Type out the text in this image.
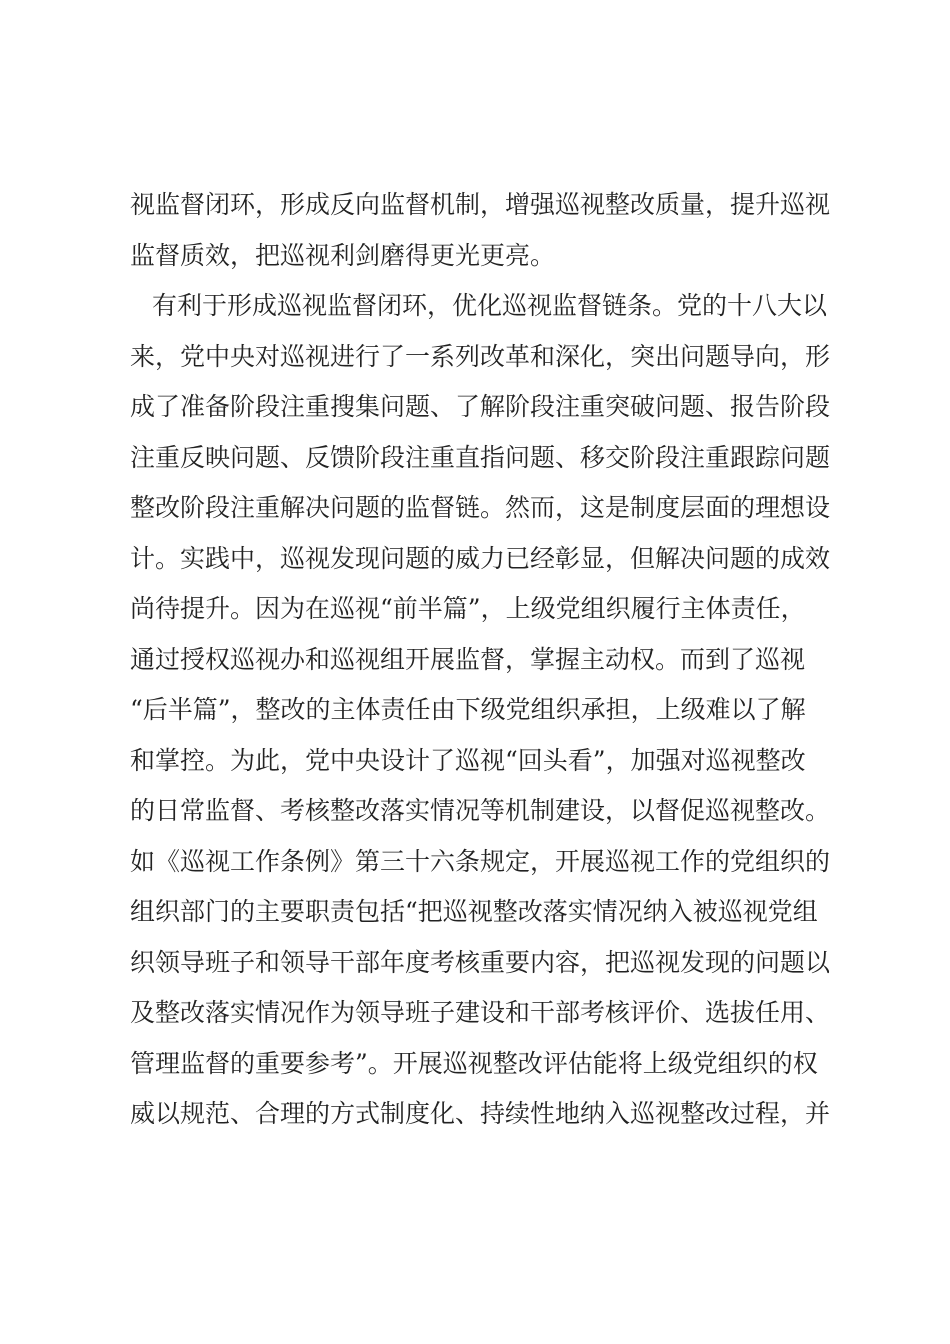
视监督闭环，形成反向监督机制，增强巡视整改质量，提升巡视
监督质效，把巡视利剑磨得更光更亮。
有利于形成巡视监督闭环，优化巡视监督链条。党的十八大以
来，党中央对巡视进行了一系列改革和深化，突出问题导向，形
成了准备阶段注重搜集问题、了解阶段注重突破问题、报告阶段
注重反映问题、反馈阶段注重直指问题、移交阶段注重跟踪问题
整改阶段注重解决问题的监督链。然而，这是制度层面的理想设
计。实践中，巡视发现问题的威力已经彰显，但解决问题的成效
尚待提升。因为在巡视“前半篇”，上级党组织履行主体责任，
通过授权巡视办和巡视组开展监督，掌握主动权。而到了巡视
“后半篇”，整改的主体责任由下级党组织承担，上级难以了解
和掌控。为此，党中央设计了巡视“回头看”，加强对巡视整改
的日常监督、考核整改落实情况等机制建设，以督促巡视整改。
如《巡视工作条例》第三十六条规定，开展巡视工作的党组织的
组织部门的主要职责包括“把巡视整改落实情况纳入被巡视党组
织领导班子和领导干部年度考核重要内容，把巡视发现的问题以
及整改落实情况作为领导班子建设和干部考核评价、选拔任用、
管理监督的重要参考”。开展巡视整改评估能将上级党组织的权
威以规范、合理的方式制度化、持续性地纳入巡视整改过程，并
